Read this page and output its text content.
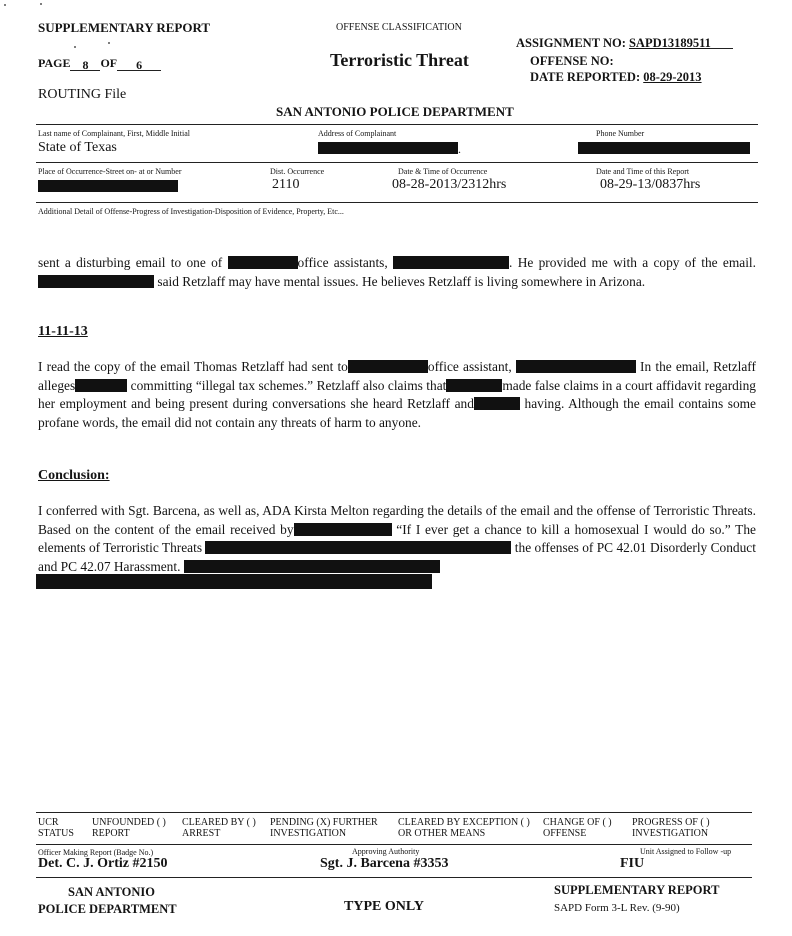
SUPPLEMENTARY REPORT	OFFENSE CLASSIFICATION
ASSIGNMENT NO: SAPD13189511
PAGE 8 OF 6	Terroristic Threat	OFFENSE NO:
DATE REPORTED: 08-29-2013
ROUTING File
SAN ANTONIO POLICE DEPARTMENT
Last name of Complainant, First, Middle Initial	Address of Complainant	Phone Number
State of Texas	.
Place of Occurrence-Street on- at or Number	Dist. Occurrence	Date & Time of Occurrence	Date and Time of this Report
2110	08-28-2013/2312hrs	08-29-13/0837hrs
Additional Detail of Offense-Progress of Investigation-Disposition of Evidence, Property, Etc...
sent a disturbing email to one of	office assistants,	. He provided me with a copy of the email.  said Retzlaff may have mental issues. He believes Retzlaff is living somewhere in Arizona.
11-11-13
I read the copy of the email Thomas Retzlaff had sent to	office assistant,	In the email, Retzlaff alleges	committing “illegal tax schemes.” Retzlaff also claims that	made false claims in a court affidavit regarding her employment and being present during conversations she heard Retzlaff and	having. Although the email contains some profane words, the email did not contain any threats of harm to anyone.
Conclusion:
I conferred with Sgt. Barcena, as well as, ADA Kirsta Melton regarding the details of the email and the offense of Terroristic Threats. Based on the content of the email received by	“If I ever get a chance to kill a homosexual I would do so.” The elements of Terroristic Threats	the offenses of PC 42.01 Disorderly Conduct and PC 42.07 Harassment.
UCR STATUS
UNFOUNDED ( ) REPORT
CLEARED BY ( ) ARREST
PENDING (X) FURTHER INVESTIGATION
CLEARED BY EXCEPTION ( ) OR OTHER MEANS
CHANGE OF ( ) OFFENSE
PROGRESS OF ( ) INVESTIGATION
Officer Making Report (Badge No.)	Approving Authority	Unit Assigned to Follow -up
Det. C. J. Ortiz #2150	Sgt. J. Barcena #3353	FIU
SAN ANTONIO
POLICE DEPARTMENT	TYPE ONLY
SUPPLEMENTARY REPORT
SAPD Form 3-L Rev. (9-90)
